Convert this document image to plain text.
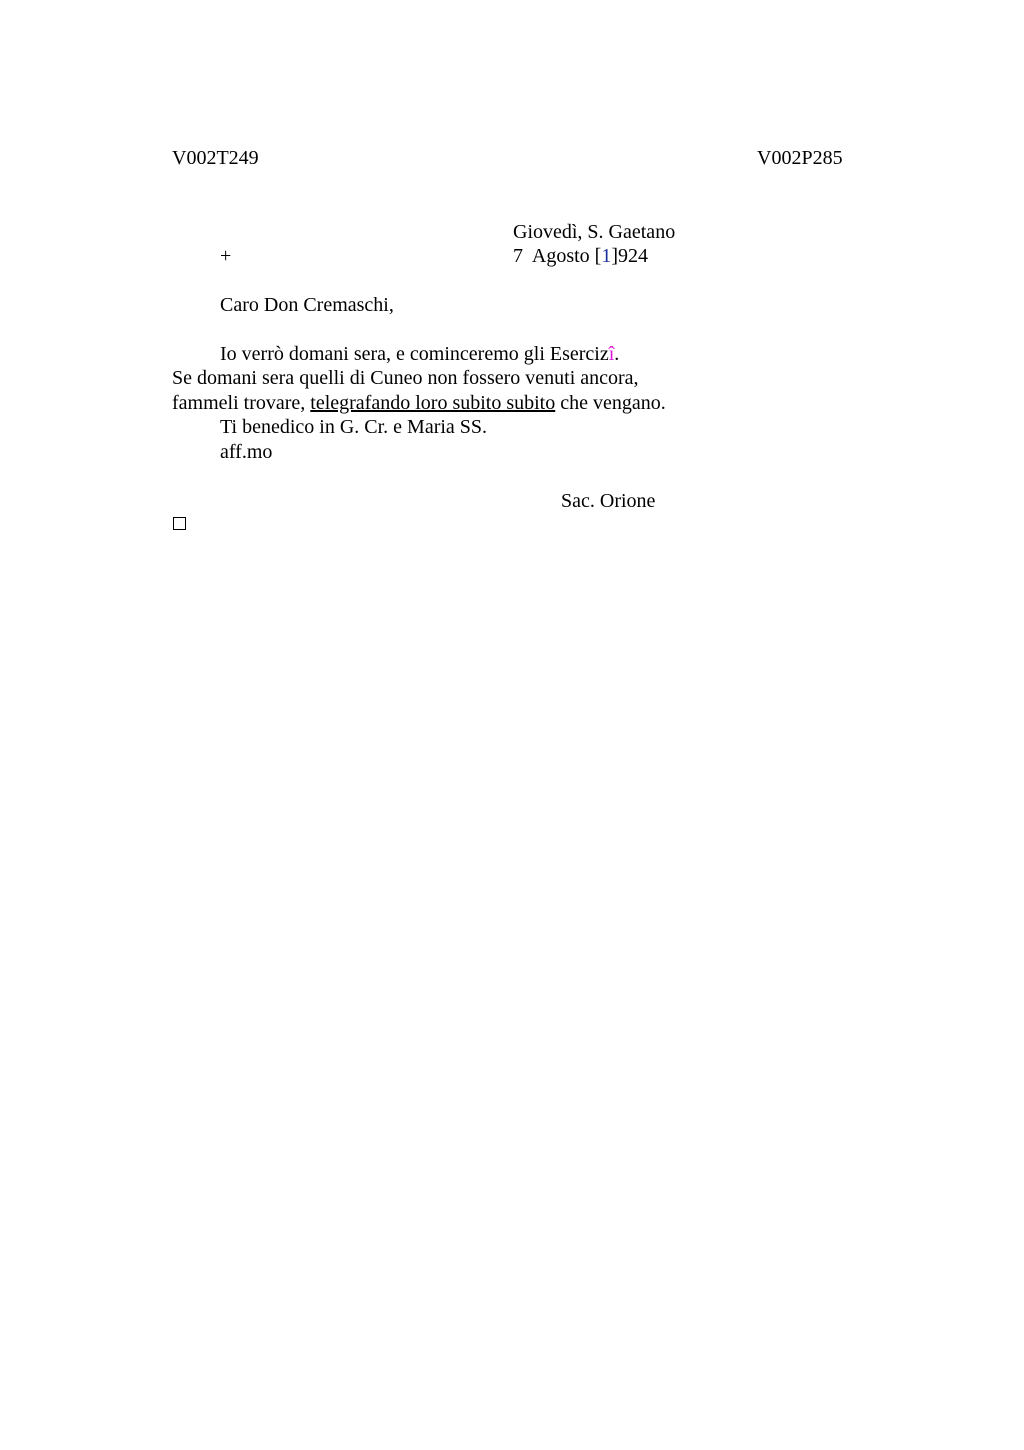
V002T249	V002P285
Giovedì, S. Gaetano
+	7  Agosto [1]924
Caro Don Cremaschi,
Io verrò domani sera, e cominceremo gli Esercizî.
Se domani sera quelli di Cuneo non fossero venuti ancora,
fammeli trovare, telegrafando loro subito subito che vengano.
Ti benedico in G. Cr. e Maria SS.
aff.mo
Sac. Orione
